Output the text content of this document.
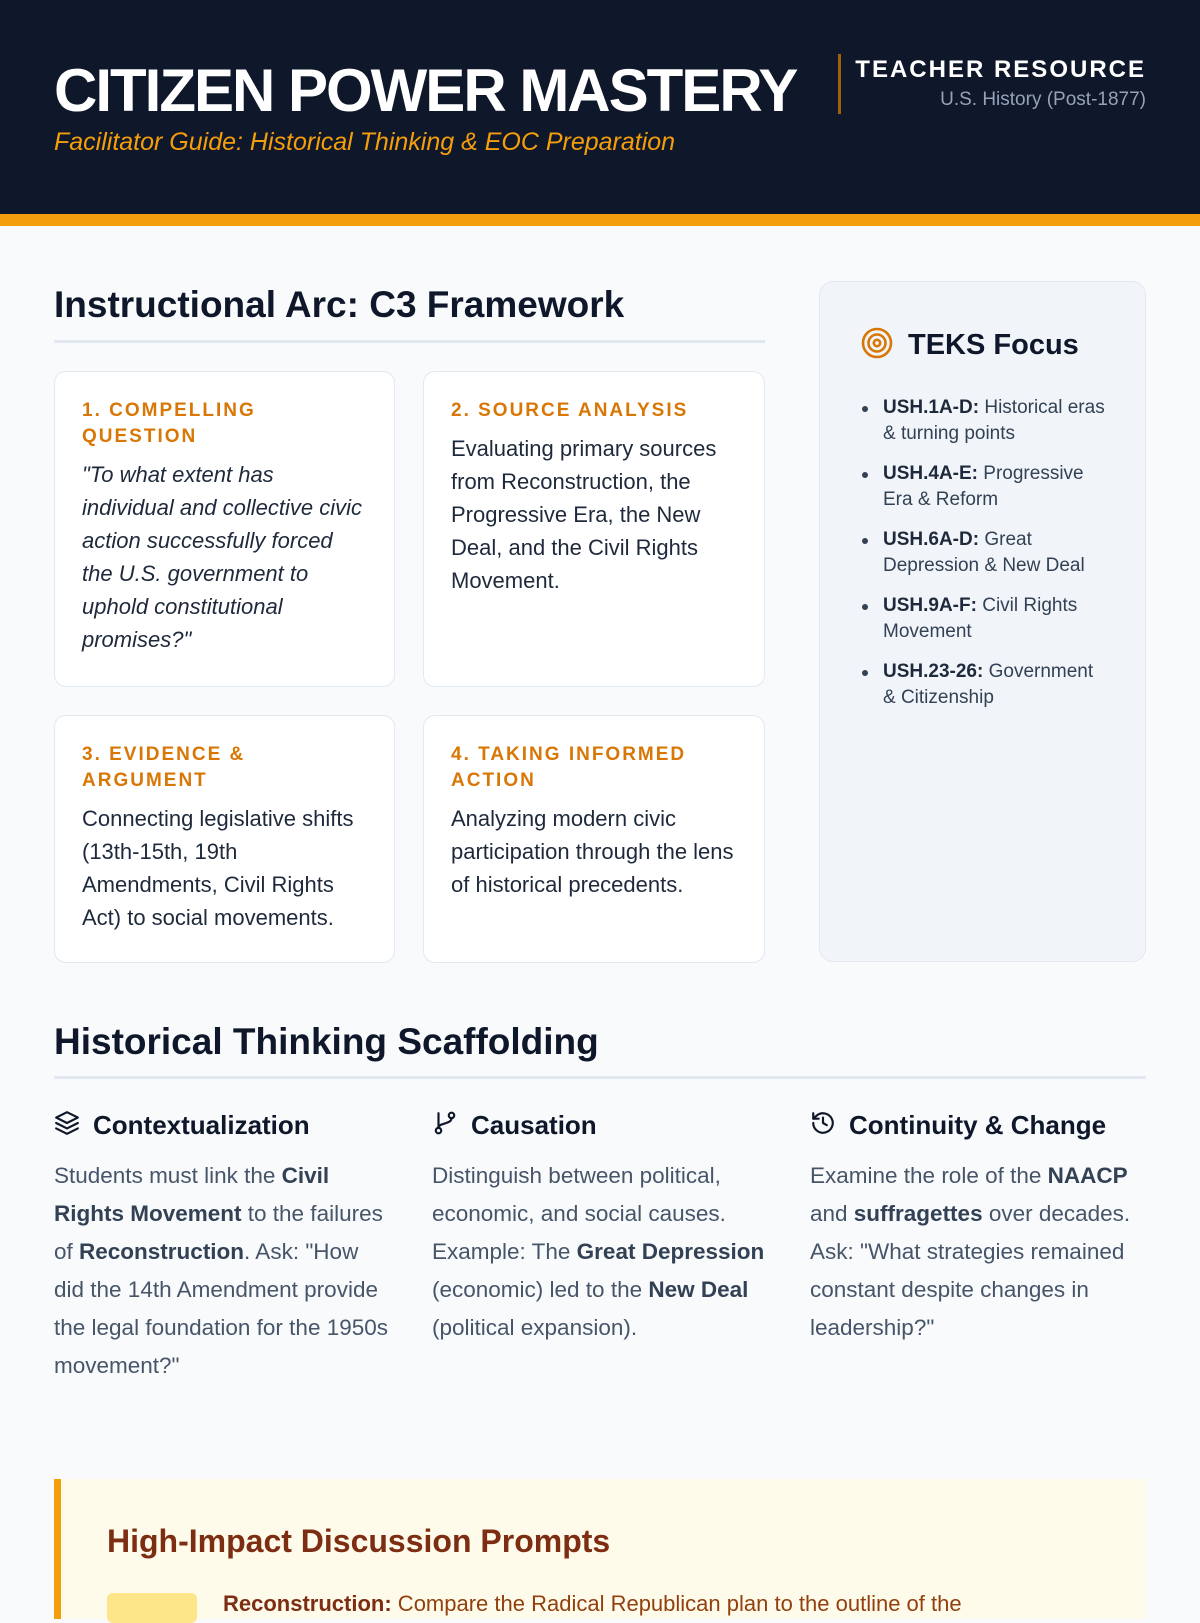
CITIZEN POWER MASTERY
Facilitator Guide: Historical Thinking & EOC Preparation
TEACHER RESOURCE
U.S. History (Post-1877)
Instructional Arc: C3 Framework
1. COMPELLING QUESTION
"To what extent has individual and collective civic action successfully forced the U.S. government to uphold constitutional promises?"
2. SOURCE ANALYSIS
Evaluating primary sources from Reconstruction, the Progressive Era, the New Deal, and the Civil Rights Movement.
3. EVIDENCE & ARGUMENT
Connecting legislative shifts (13th-15th, 19th Amendments, Civil Rights Act) to social movements.
4. TAKING INFORMED ACTION
Analyzing modern civic participation through the lens of historical precedents.
TEKS Focus
USH.1A-D: Historical eras & turning points
USH.4A-E: Progressive Era & Reform
USH.6A-D: Great Depression & New Deal
USH.9A-F: Civil Rights Movement
USH.23-26: Government & Citizenship
Historical Thinking Scaffolding
Contextualization
Students must link the Civil Rights Movement to the failures of Reconstruction. Ask: "How did the 14th Amendment provide the legal foundation for the 1950s movement?"
Causation
Distinguish between political, economic, and social causes. Example: The Great Depression (economic) led to the New Deal (political expansion).
Continuity & Change
Examine the role of the NAACP and suffragettes over decades. Ask: "What strategies remained constant despite changes in leadership?"
High-Impact Discussion Prompts
Reconstruction: Compare the Radical Republican plan to the outline of the
